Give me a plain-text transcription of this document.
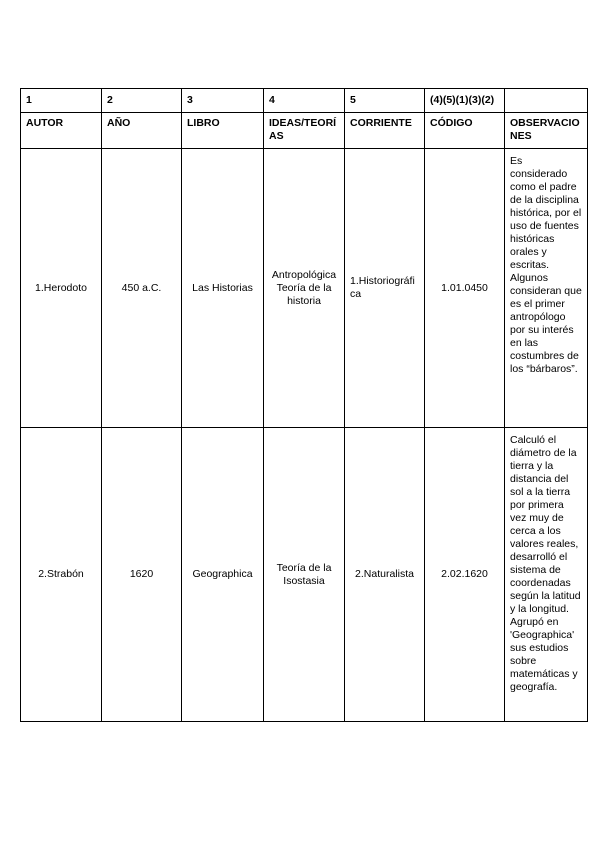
1	2	3	4	5	(4)(5)(1)(3)(2)	
AUTOR	AÑO	LIBRO	IDEAS/TEORÍAS	CORRIENTE	CÓDIGO	OBSERVACIONES
1.Herodoto	450 a.C.	Las Historias	Antropológica Teoría de la historia	1.Historiográfica	1.01.0450	Es considerado como el padre de la disciplina histórica, por el uso de fuentes históricas orales y escritas. Algunos consideran que es el primer antropólogo por su interés en las costumbres de los “bárbaros”.
2.Strabón	1620	Geographica	Teoría de la Isostasia	2.Naturalista	2.02.1620	Calculó el diámetro de la tierra y la distancia del sol a la tierra por primera vez muy de cerca a los valores reales, desarrolló el sistema de coordenadas según la latitud y la longitud. Agrupó en 'Geographica' sus estudios sobre matemáticas y geografía.
